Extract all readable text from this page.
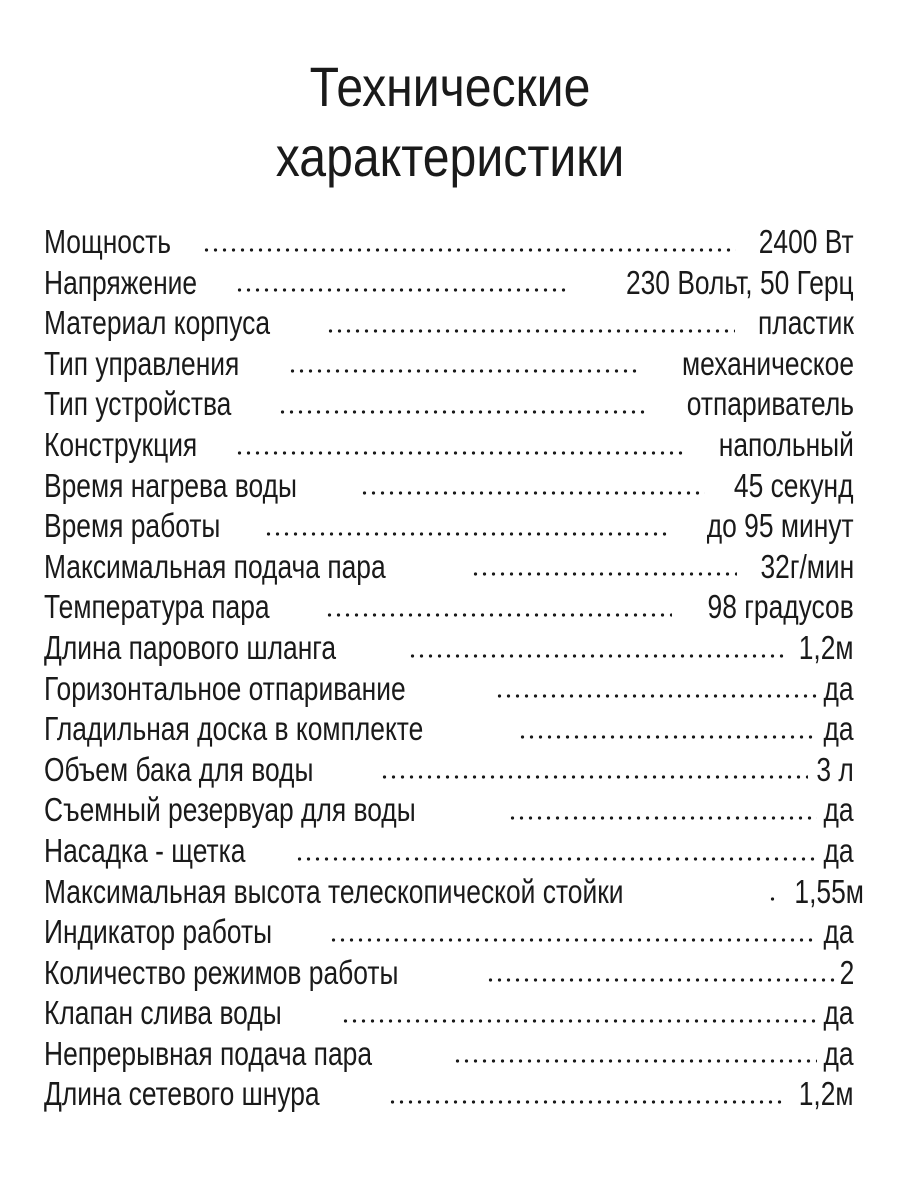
Технические
характеристики
Мощность	2400 Вт
Напряжение	230 Вольт, 50 Герц
Материал корпуса	пластик
Тип управления	механическое
Тип устройства	отпариватель
Конструкция	напольный
Время нагрева воды	45 секунд
Время работы	до 95 минут
Максимальная подача пара	32г/мин
Температура пара	98 градусов
Длина парового шланга	1,2м
Горизонтальное отпаривание	да
Гладильная доска в комплекте	да
Объем бака для воды	3 л
Съемный резервуар для воды	да
Насадка - щетка	да
Максимальная высота телескопической стойки	1,55м
Индикатор работы	да
Количество режимов работы	2
Клапан слива воды	да
Непрерывная подача пара	да
Длина сетевого шнура	1,2м
